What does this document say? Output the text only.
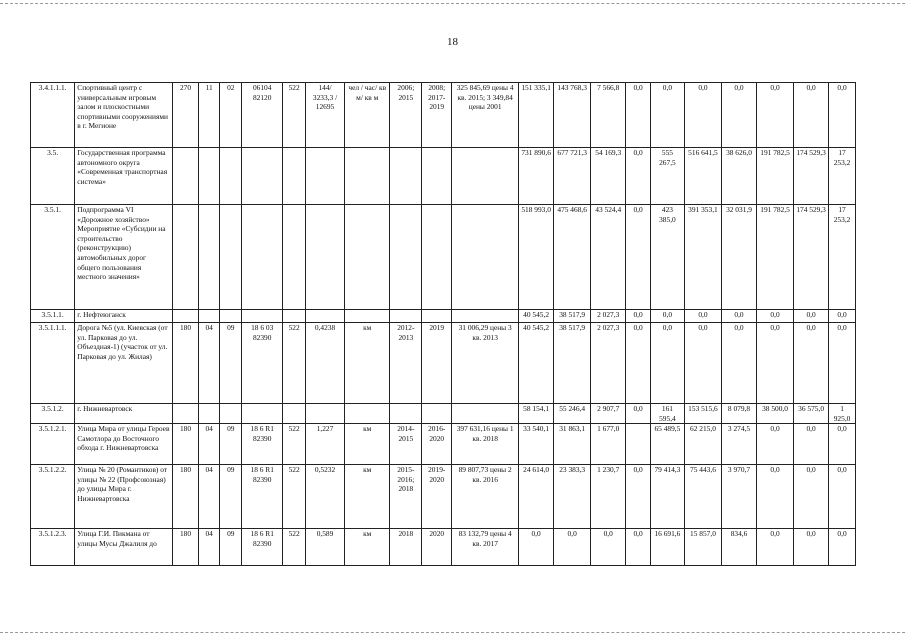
18
3.4.1.1.1.	Спортивный центр с универсальным игровым залом и плоскостными спортивными сооружениями в г. Мегионе	270	11	02	06104 82120	522	144/ 3233,3 / 12695	чел / час/ кв м/ кв м	2006; 2015	2008; 2017-2019	325 845,69 цены 4 кв. 2015; 3 349,84 цены 2001	151 335,1	143 768,3	7 566,8	0,0	0,0	0,0	0,0	0,0	0,0	0,0
3.5.	Государственная программа автономного округа «Современная транспортная система»											731 890,6	677 721,3	54 169,3	0,0	555 267,5	516 641,5	38 626,0	191 782,5	174 529,3	17 253,2
3.5.1.	Подпрограмма VI «Дорожное хозяйство» Мероприятие «Субсидии на строительство (реконструкцию) автомобильных дорог общего пользования местного значения»											518 993,0	475 468,6	43 524,4	0,0	423 385,0	391 353,1	32 031,9	191 782,5	174 529,3	17 253,2
3.5.1.1.	г. Нефтеюганск											40 545,2	38 517,9	2 027,3	0,0	0,0	0,0	0,0	0,0	0,0	0,0
3.5.1.1.1.	Дорога №5 (ул. Киевская (от ул. Парковая до ул. Объездная-1) (участок от ул. Парковая до ул. Жилая)	180	04	09	18 6 03 82390	522	0,4238	км	2012-2013	2019	31 006,29 цены 3 кв. 2013	40 545,2	38 517,9	2 027,3	0,0	0,0	0,0	0,0	0,0	0,0	0,0
3.5.1.2.	г. Нижневартовск											58 154,1	55 246,4	2 907,7	0,0	161 595,4	153 515,6	8 079,8	38 500,0	36 575,0	1 925,0
3.5.1.2.1.	Улица Мира от улицы Героев Самотлора до Восточного обхода г. Нижневартовска	180	04	09	18 6 R1 82390	522	1,227	км	2014-2015	2016-2020	397 631,16 цены 1 кв. 2018	33 540,1	31 863,1	1 677,0		65 489,5	62 215,0	3 274,5	0,0	0,0	0,0
3.5.1.2.2.	Улица № 20 (Романтиков) от улицы № 22 (Профсоюзная) до улицы Мира г. Нижневартовска	180	04	09	18 6 R1 82390	522	0,5232	км	2015-2016; 2018	2019-2020	89 807,73 цены 2 кв. 2016	24 614,0	23 383,3	1 230,7	0,0	79 414,3	75 443,6	3 970,7	0,0	0,0	0,0
3.5.1.2.3.	Улица Г.И. Пикмана от улицы Мусы Джалиля до	180	04	09	18 6 R1 82390	522	0,589	км	2018	2020	83 132,79 цены 4 кв. 2017	0,0	0,0	0,0	0,0	16 691,6	15 857,0	834,6	0,0	0,0	0,0
